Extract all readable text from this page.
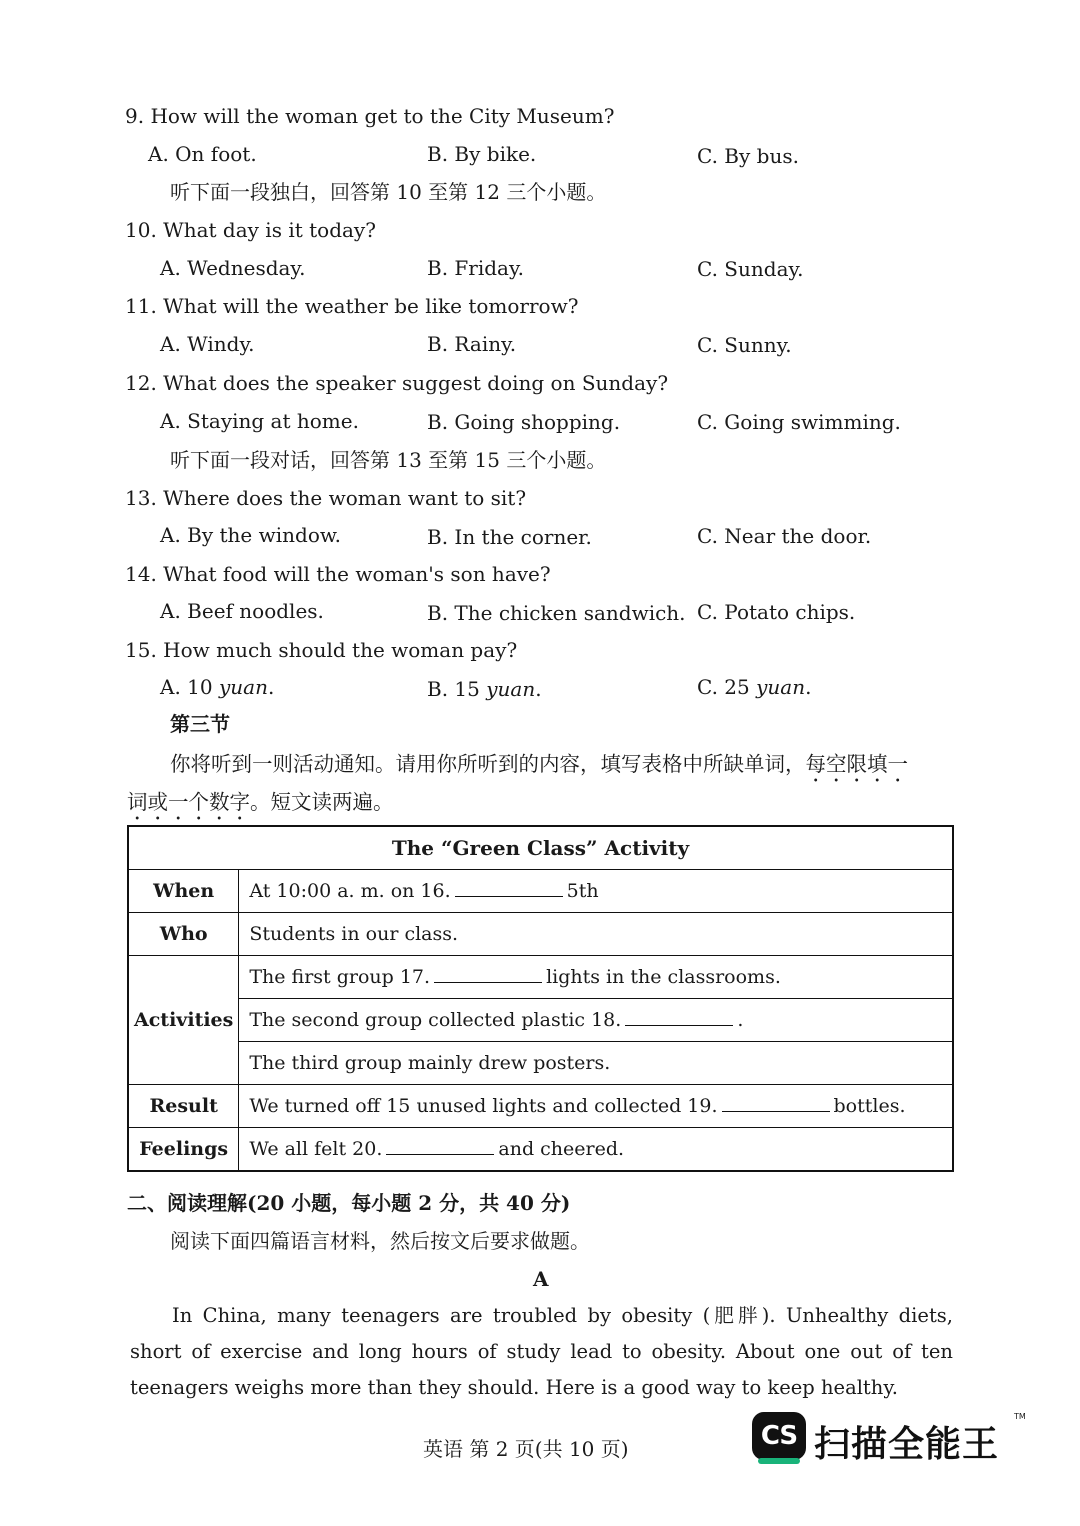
9. How will the woman get to the City Museum?
A. On foot.	B. By bike.	C. By bus.
听下面一段独白，回答第 10 至第 12 三个小题。
10. What day is it today?
A. Wednesday.	B. Friday.	C. Sunday.
11. What will the weather be like tomorrow?
A. Windy.	B. Rainy.	C. Sunny.
12. What does the speaker suggest doing on Sunday?
A. Staying at home.	B. Going shopping.	C. Going swimming.
听下面一段对话，回答第 13 至第 15 三个小题。
13. Where does the woman want to sit?
A. By the window.	B. In the corner.	C. Near the door.
14. What food will the woman's son have?
A. Beef noodles.	B. The chicken sandwich. C. Potato chips.
15. How much should the woman pay?
A. 10 yuan.	B. 15 yuan.	C. 25 yuan.
第三节
你将听到一则活动通知。请用你所听到的内容，填写表格中所缺单词，每空限填一
词或一个数字。短文读两遍。
The “Green Class” Activity	
When	At 10:00 a. m. on 16. 5th
Who	Students in our class.
Activities	The first group 17. lights in the classrooms.
	The second group collected plastic 18. .
	The third group mainly drew posters.
Result	We turned off 15 unused lights and collected 19. bottles.
Feelings	We all felt 20. and cheered.
二、阅读理解(20 小题，每小题 2 分，共 40 分)
阅读下面四篇语言材料，然后按文后要求做题。
A
In China, many teenagers are troubled by obesity (肥胖). Unhealthy diets, short of exercise and long hours of study lead to obesity. About one out of ten teenagers weighs more than they should. Here is a good way to keep healthy.
英语 第 2 页(共 10 页)	CS 扫描全能王
TM
